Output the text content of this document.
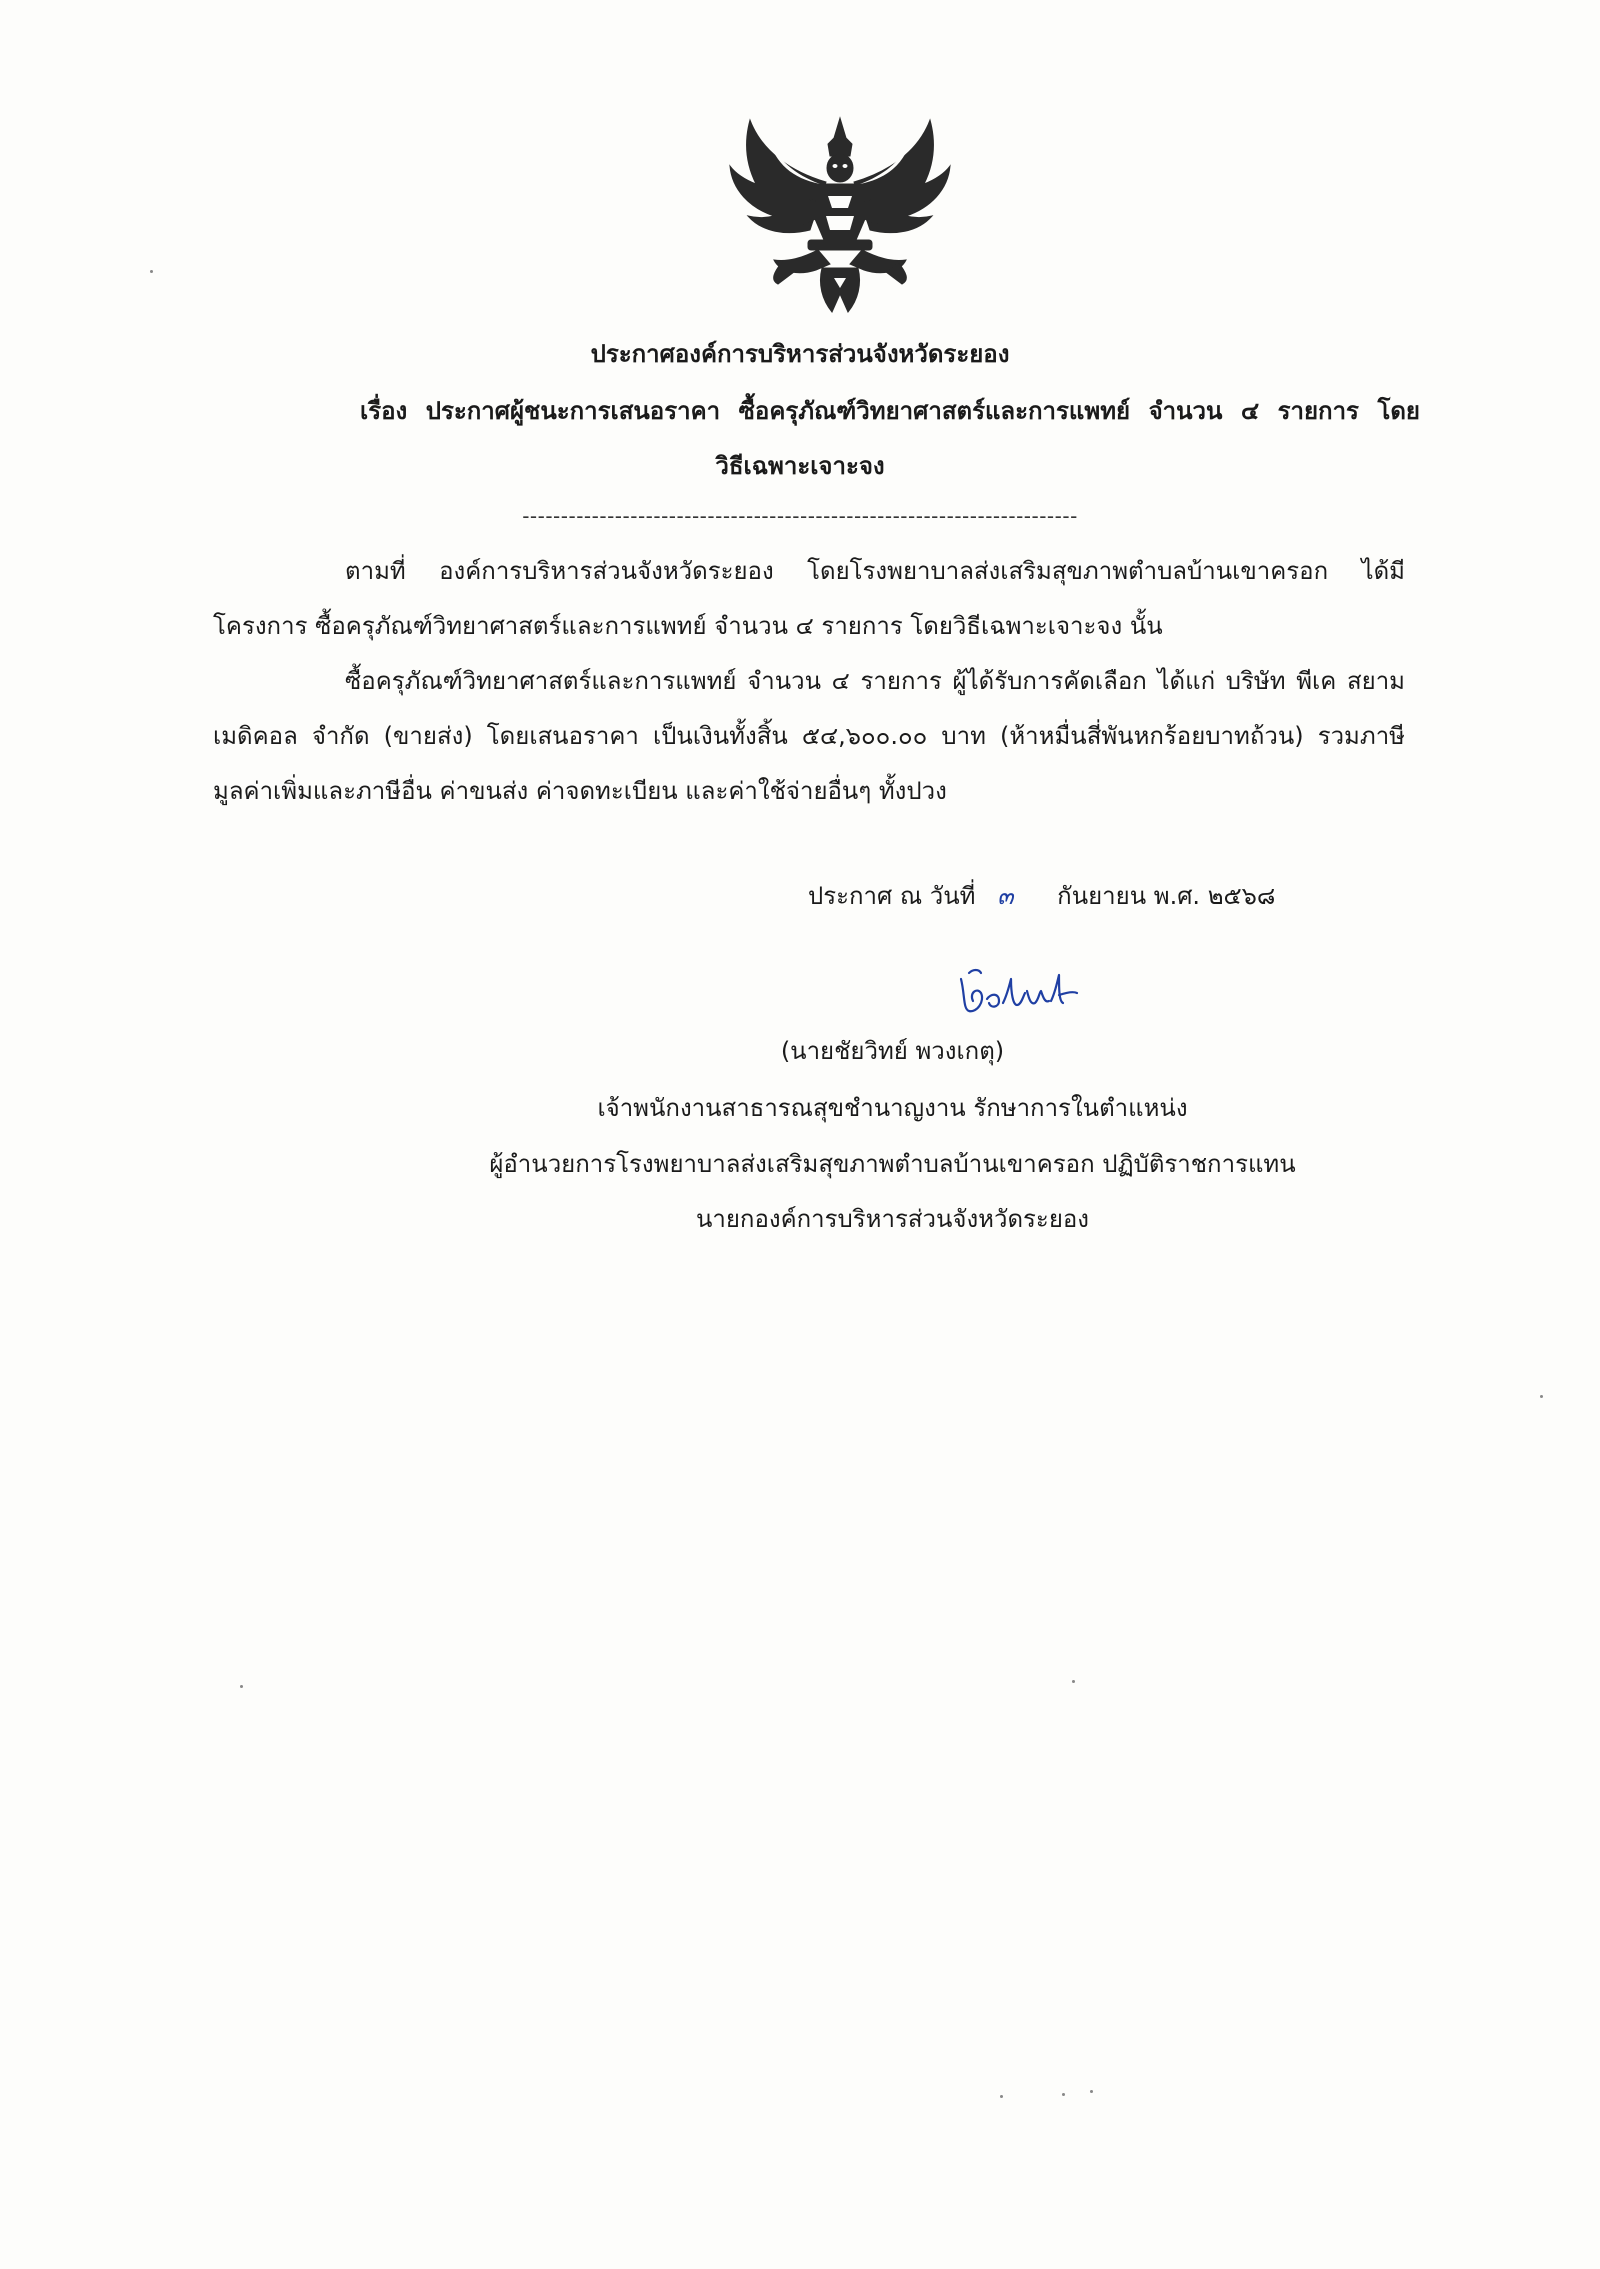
ประกาศองค์การบริหารส่วนจังหวัดระยอง
เรื่อง ประกาศผู้ชนะการเสนอราคา ซื้อครุภัณฑ์วิทยาศาสตร์และการแพทย์ จำนวน ๔ รายการ โดย
วิธีเฉพาะเจาะจง
------------------------------------------------------------------------
ตามที่ องค์การบริหารส่วนจังหวัดระยอง โดยโรงพยาบาลส่งเสริมสุขภาพตำบลบ้านเขาครอก ได้มี
โครงการ ซื้อครุภัณฑ์วิทยาศาสตร์และการแพทย์ จำนวน ๔ รายการ โดยวิธีเฉพาะเจาะจง นั้น
ซื้อครุภัณฑ์วิทยาศาสตร์และการแพทย์ จำนวน ๔ รายการ ผู้ได้รับการคัดเลือก ได้แก่ บริษัท พีเค สยาม
เมดิคอล จำกัด (ขายส่ง) โดยเสนอราคา เป็นเงินทั้งสิ้น ๕๔,๖๐๐.๐๐ บาท (ห้าหมื่นสี่พันหกร้อยบาทถ้วน) รวมภาษี
มูลค่าเพิ่มและภาษีอื่น ค่าขนส่ง ค่าจดทะเบียน และค่าใช้จ่ายอื่นๆ ทั้งปวง
ประกาศ ณ วันที่ ๓ กันยายน พ.ศ. ๒๕๖๘
(นายชัยวิทย์ พวงเกตุ)
เจ้าพนักงานสาธารณสุขชำนาญงาน รักษาการในตำแหน่ง
ผู้อำนวยการโรงพยาบาลส่งเสริมสุขภาพตำบลบ้านเขาครอก ปฏิบัติราชการแทน
นายกองค์การบริหารส่วนจังหวัดระยอง
